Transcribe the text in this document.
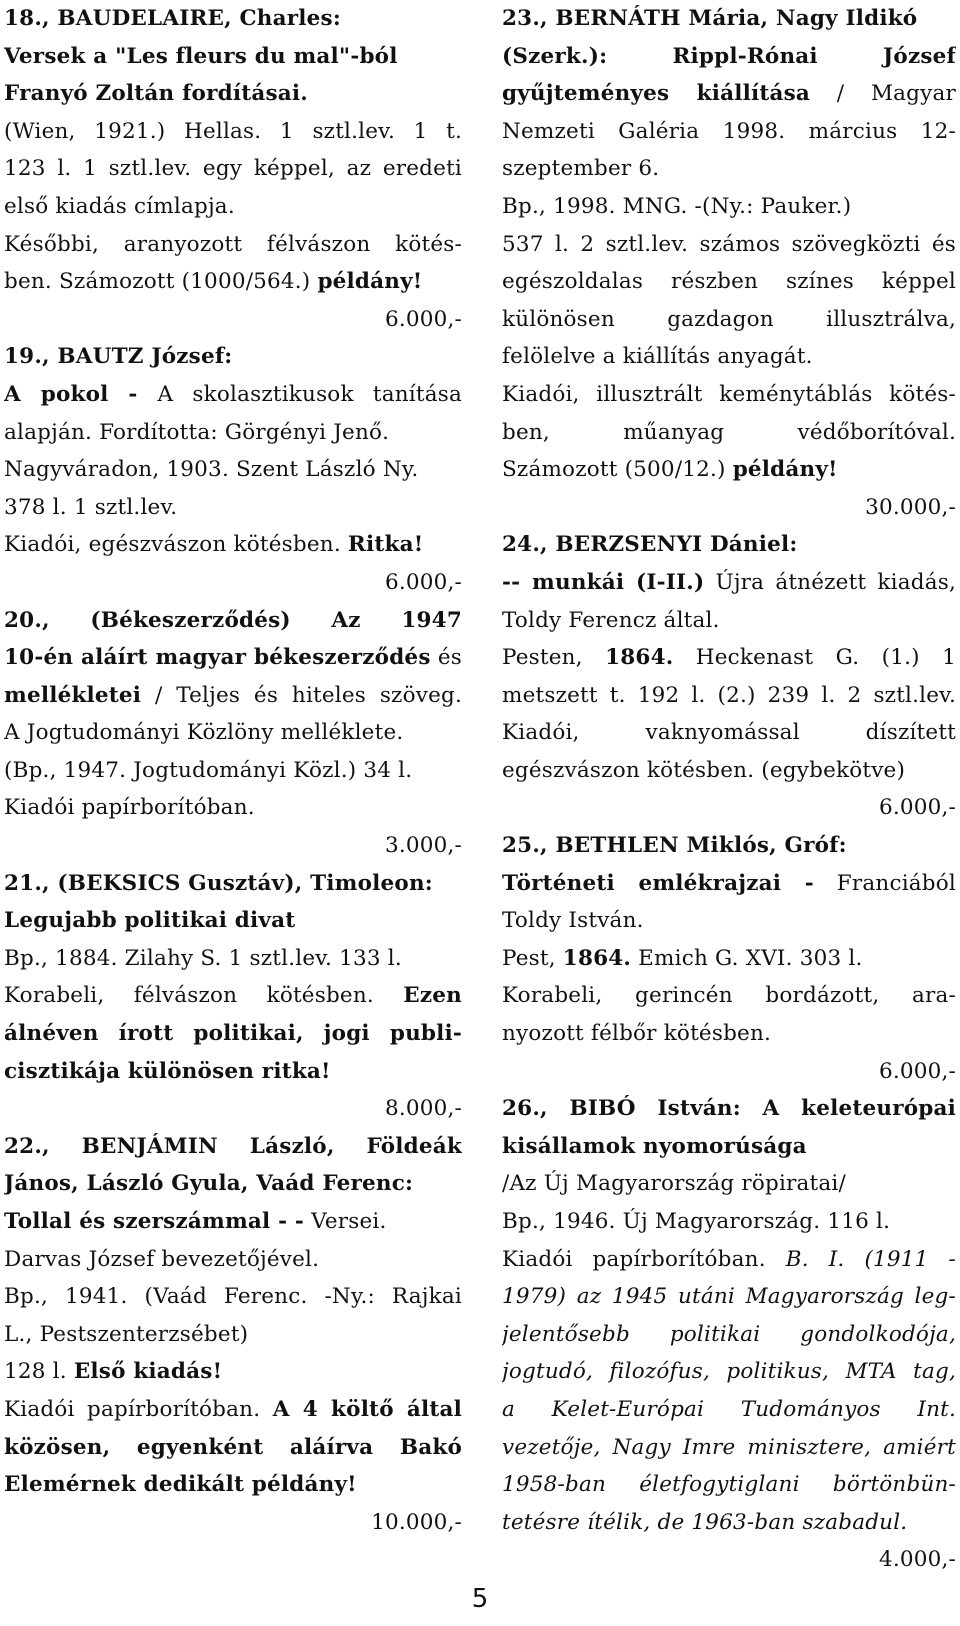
18., BAUDELAIRE, Charles:
Versek a "Les fleurs du mal"-ból
Franyó Zoltán fordításai.
(Wien, 1921.) Hellas. 1 sztl.lev. 1 t.
123 l. 1 sztl.lev. egy képpel, az eredeti
első kiadás címlapja.
Későbbi, aranyozott félvászon kötés-
ben. Számozott (1000/564.) példány!
6.000,-
19., BAUTZ József:
A pokol - A skolasztikusok tanítása
alapján. Fordította: Görgényi Jenő.
Nagyváradon, 1903. Szent László Ny.
378 l. 1 sztl.lev.
Kiadói, egészvászon kötésben. Ritka!
6.000,-
20., (Békeszerződés) Az 1947
10-én aláírt magyar békeszerződés és
mellékletei / Teljes és hiteles szöveg.
A Jogtudományi Közlöny melléklete.
(Bp., 1947. Jogtudományi Közl.) 34 l.
Kiadói papírborítóban.
3.000,-
21., (BEKSICS Gusztáv), Timoleon:
Legujabb politikai divat
Bp., 1884. Zilahy S. 1 sztl.lev. 133 l.
Korabeli, félvászon kötésben. Ezen
álnéven írott politikai, jogi publi-
cisztikája különösen ritka!
8.000,-
22., BENJÁMIN László, Földeák
János, László Gyula, Vaád Ferenc:
Tollal és szerszámmal - - Versei.
Darvas József bevezetőjével.
Bp., 1941. (Vaád Ferenc. -Ny.: Rajkai
L., Pestszenterzsébet)
128 l. Első kiadás!
Kiadói papírborítóban. A 4 költő által
közösen, egyenként aláírva Bakó
Elemérnek dedikált példány!
10.000,-
23., BERNÁTH Mária, Nagy Ildikó
(Szerk.): Rippl-Rónai József
gyűjteményes kiállítása / Magyar
Nemzeti Galéria 1998. március 12-
szeptember 6.
Bp., 1998. MNG. -(Ny.: Pauker.)
537 l. 2 sztl.lev. számos szövegközti és
egészoldalas részben színes képpel
különösen gazdagon illusztrálva,
felölelve a kiállítás anyagát.
Kiadói, illusztrált keménytáblás kötés-
ben, műanyag védőborítóval.
Számozott (500/12.) példány!
30.000,-
24., BERZSENYI Dániel:
-- munkái (I-II.) Újra átnézett kiadás,
Toldy Ferencz által.
Pesten, 1864. Heckenast G. (1.) 1
metszett t. 192 l. (2.) 239 l. 2 sztl.lev.
Kiadói, vaknyomással díszített
egészvászon kötésben. (egybekötve)
6.000,-
25., BETHLEN Miklós, Gróf:
Történeti emlékrajzai - Franciából
Toldy István.
Pest, 1864. Emich G. XVI. 303 l.
Korabeli, gerincén bordázott, ara-
nyozott félbőr kötésben.
6.000,-
26., BIBÓ István: A keleteurópai
kisállamok nyomorúsága
/Az Új Magyarország röpiratai/
Bp., 1946. Új Magyarország. 116 l.
Kiadói papírborítóban. B. I. (1911 -
1979) az 1945 utáni Magyarország leg-
jelentősebb politikai gondolkodója,
jogtudó, filozófus, politikus, MTA tag,
a Kelet-Európai Tudományos Int.
vezetője, Nagy Imre minisztere, amiért
1958-ban életfogytiglani börtönbün-
tetésre ítélik, de 1963-ban szabadul.
4.000,-
5
